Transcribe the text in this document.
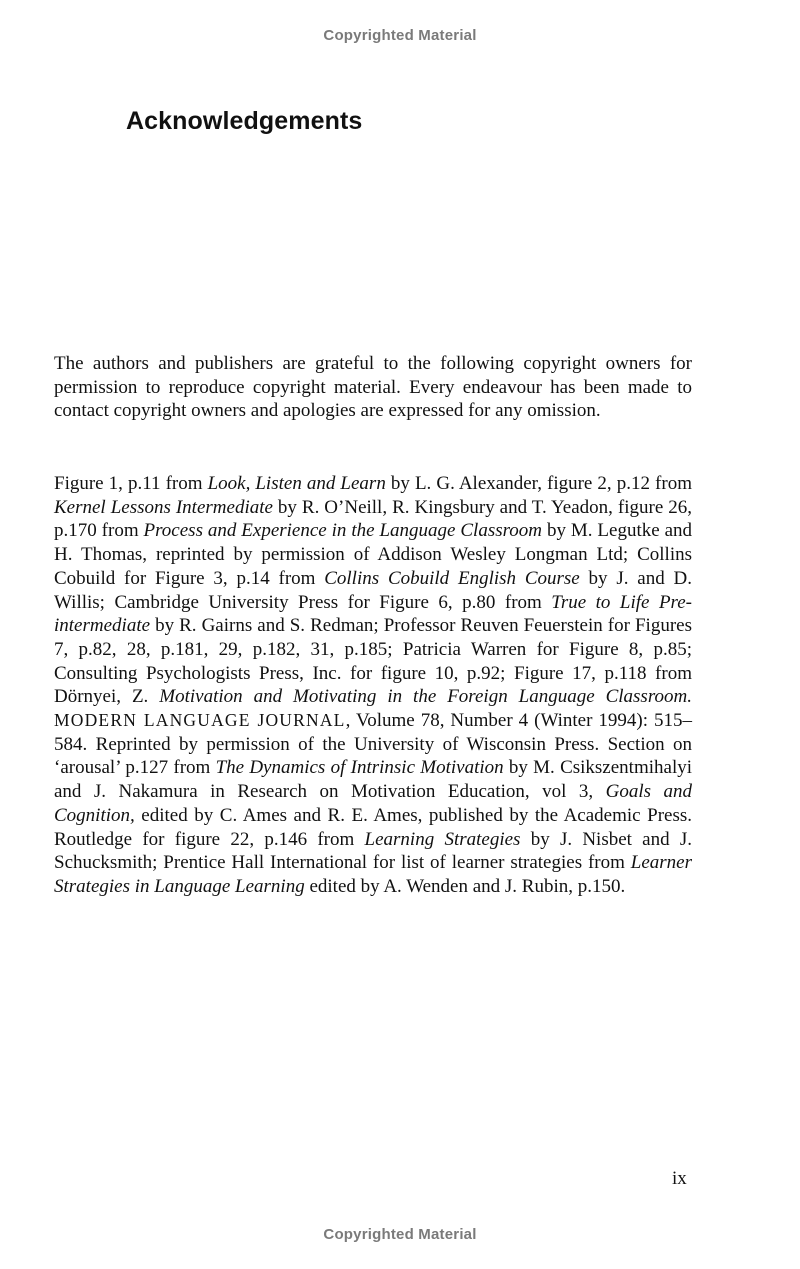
Copyrighted Material
Acknowledgements

The authors and publishers are grateful to the following copyright owners for permission to reproduce copyright material. Every endeavour has been made to contact copyright owners and apologies are expressed for any omission.

Figure 1, p.11 from Look, Listen and Learn by L. G. Alexander, figure 2, p.12 from Kernel Lessons Intermediate by R. O’Neill, R. Kingsbury and T. Yeadon, figure 26, p.170 from Process and Experience in the Language Classroom by M. Legutke and H. Thomas, reprinted by permission of Addison Wesley Longman Ltd; Collins Cobuild for Figure 3, p.14 from Collins Cobuild English Course by J. and D. Willis; Cambridge University Press for Figure 6, p.80 from True to Life Pre-intermediate by R. Gairns and S. Redman; Professor Reuven Feuerstein for Figures 7, p.82, 28, p.181, 29, p.182, 31, p.185; Patricia Warren for Figure 8, p.85; Consulting Psychologists Press, Inc. for figure 10, p.92; Figure 17, p.118 from Dörnyei, Z. Motivation and Motivating in the Foreign Language Classroom. MODERN LANGUAGE JOURNAL, Volume 78, Number 4 (Winter 1994): 515–584. Reprinted by permission of the University of Wisconsin Press. Section on ‘arousal’ p.127 from The Dynamics of Intrinsic Motivation by M. Csikszentmihalyi and J. Nakamura in Research on Motivation Education, vol 3, Goals and Cognition, edited by C. Ames and R. E. Ames, published by the Academic Press. Routledge for figure 22, p.146 from Learning Strategies by J. Nisbet and J. Schucksmith; Prentice Hall International for list of learner strategies from Learner Strategies in Language Learning edited by A. Wenden and J. Rubin, p.150.

ix
Copyrighted Material
